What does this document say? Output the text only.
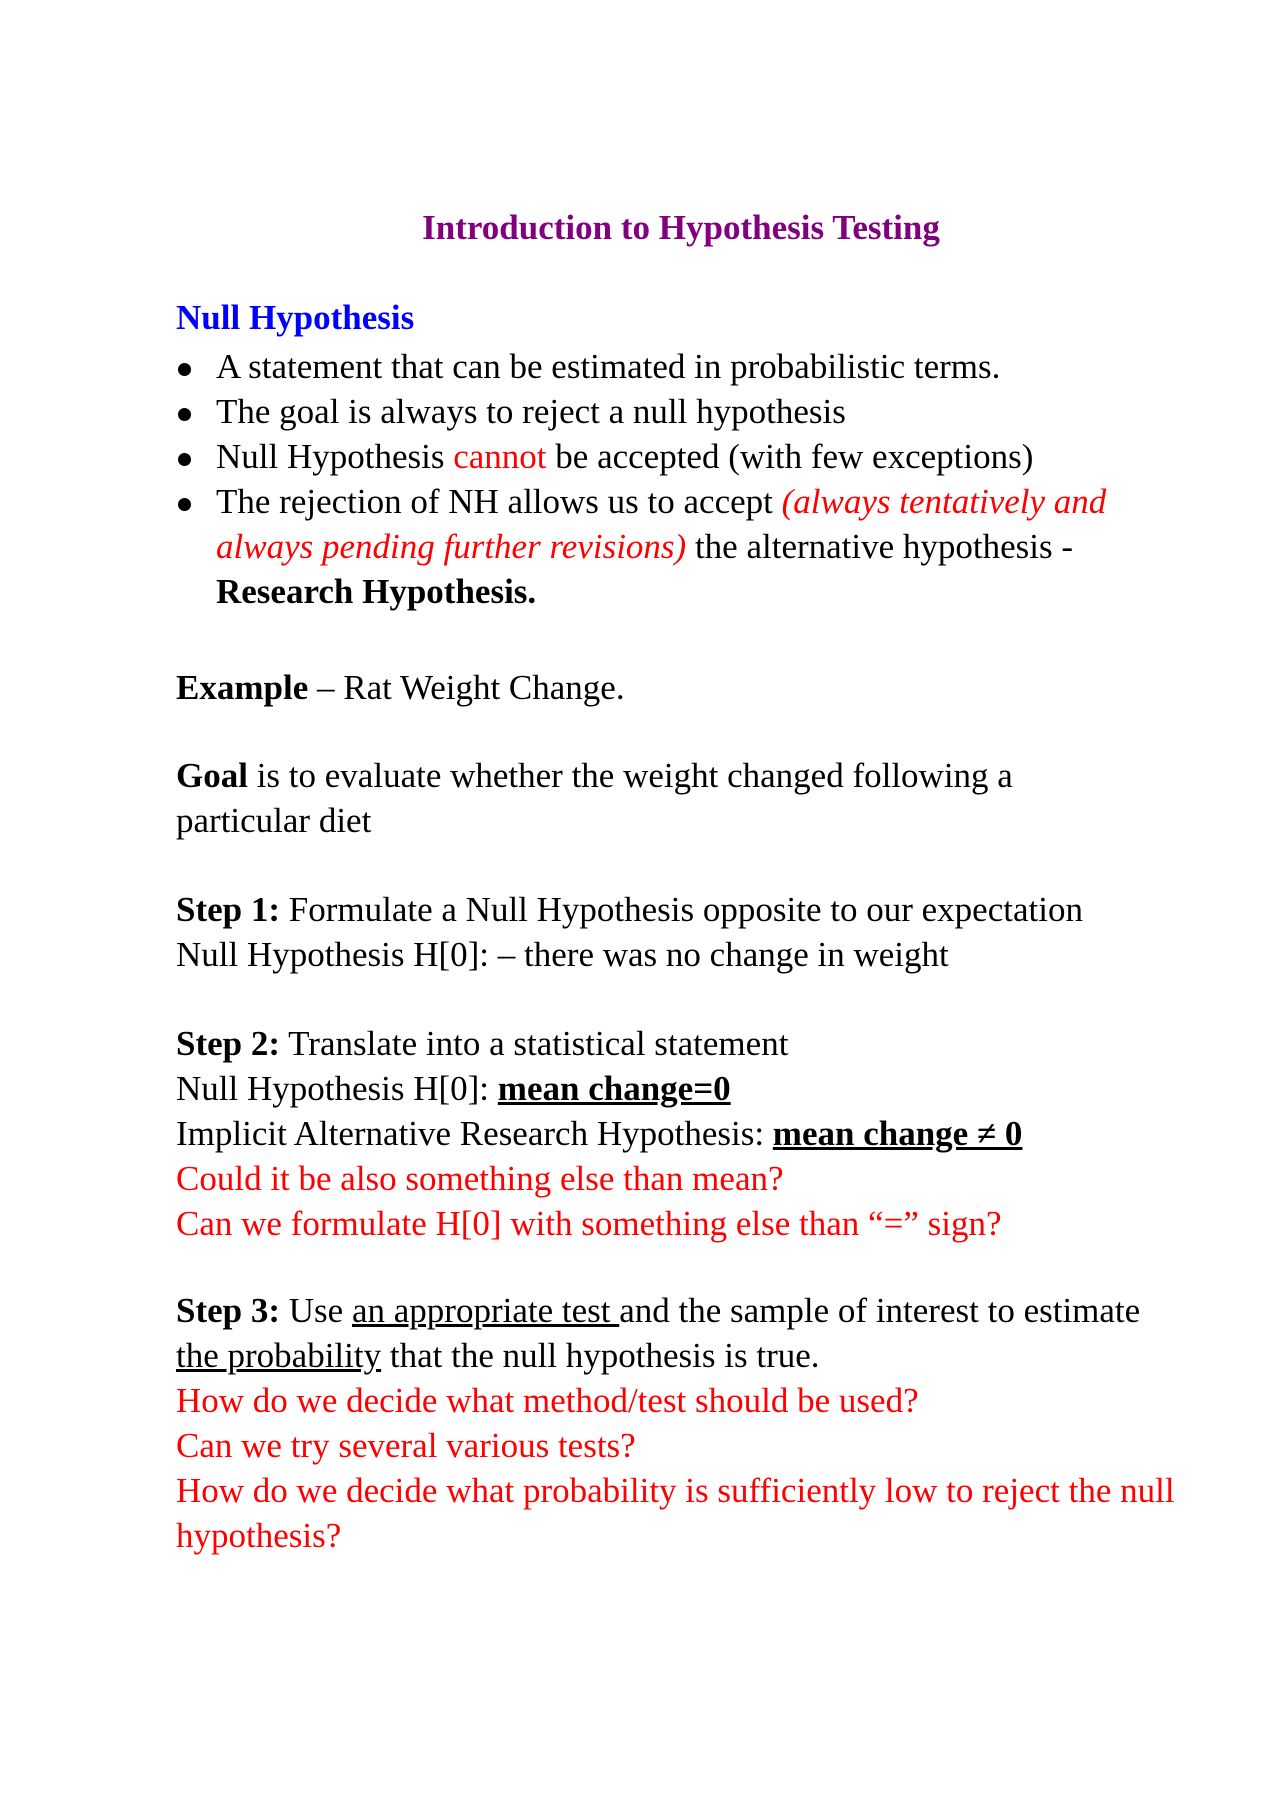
Introduction to Hypothesis Testing
Null Hypothesis
A statement that can be estimated in probabilistic terms.
The goal is always to reject a null hypothesis
Null Hypothesis cannot be accepted (with few exceptions)
The rejection of NH allows us to accept (always tentatively and always pending further revisions) the alternative hypothesis - Research Hypothesis.

Example – Rat Weight Change.

Goal is to evaluate whether the weight changed following a particular diet

Step 1: Formulate a Null Hypothesis opposite to our expectation
Null Hypothesis H[0]: – there was no change in weight
Step 2: Translate into a statistical statement
Null Hypothesis H[0]: mean change=0
Implicit Alternative Research Hypothesis: mean change ≠ 0
Could it be also something else than mean?
Can we formulate H[0] with something else than “=” sign?
Step 3: Use an appropriate test and the sample of interest to estimate the probability that the null hypothesis is true.
How do we decide what method/test should be used?
Can we try several various tests?
How do we decide what probability is sufficiently low to reject the null hypothesis?
